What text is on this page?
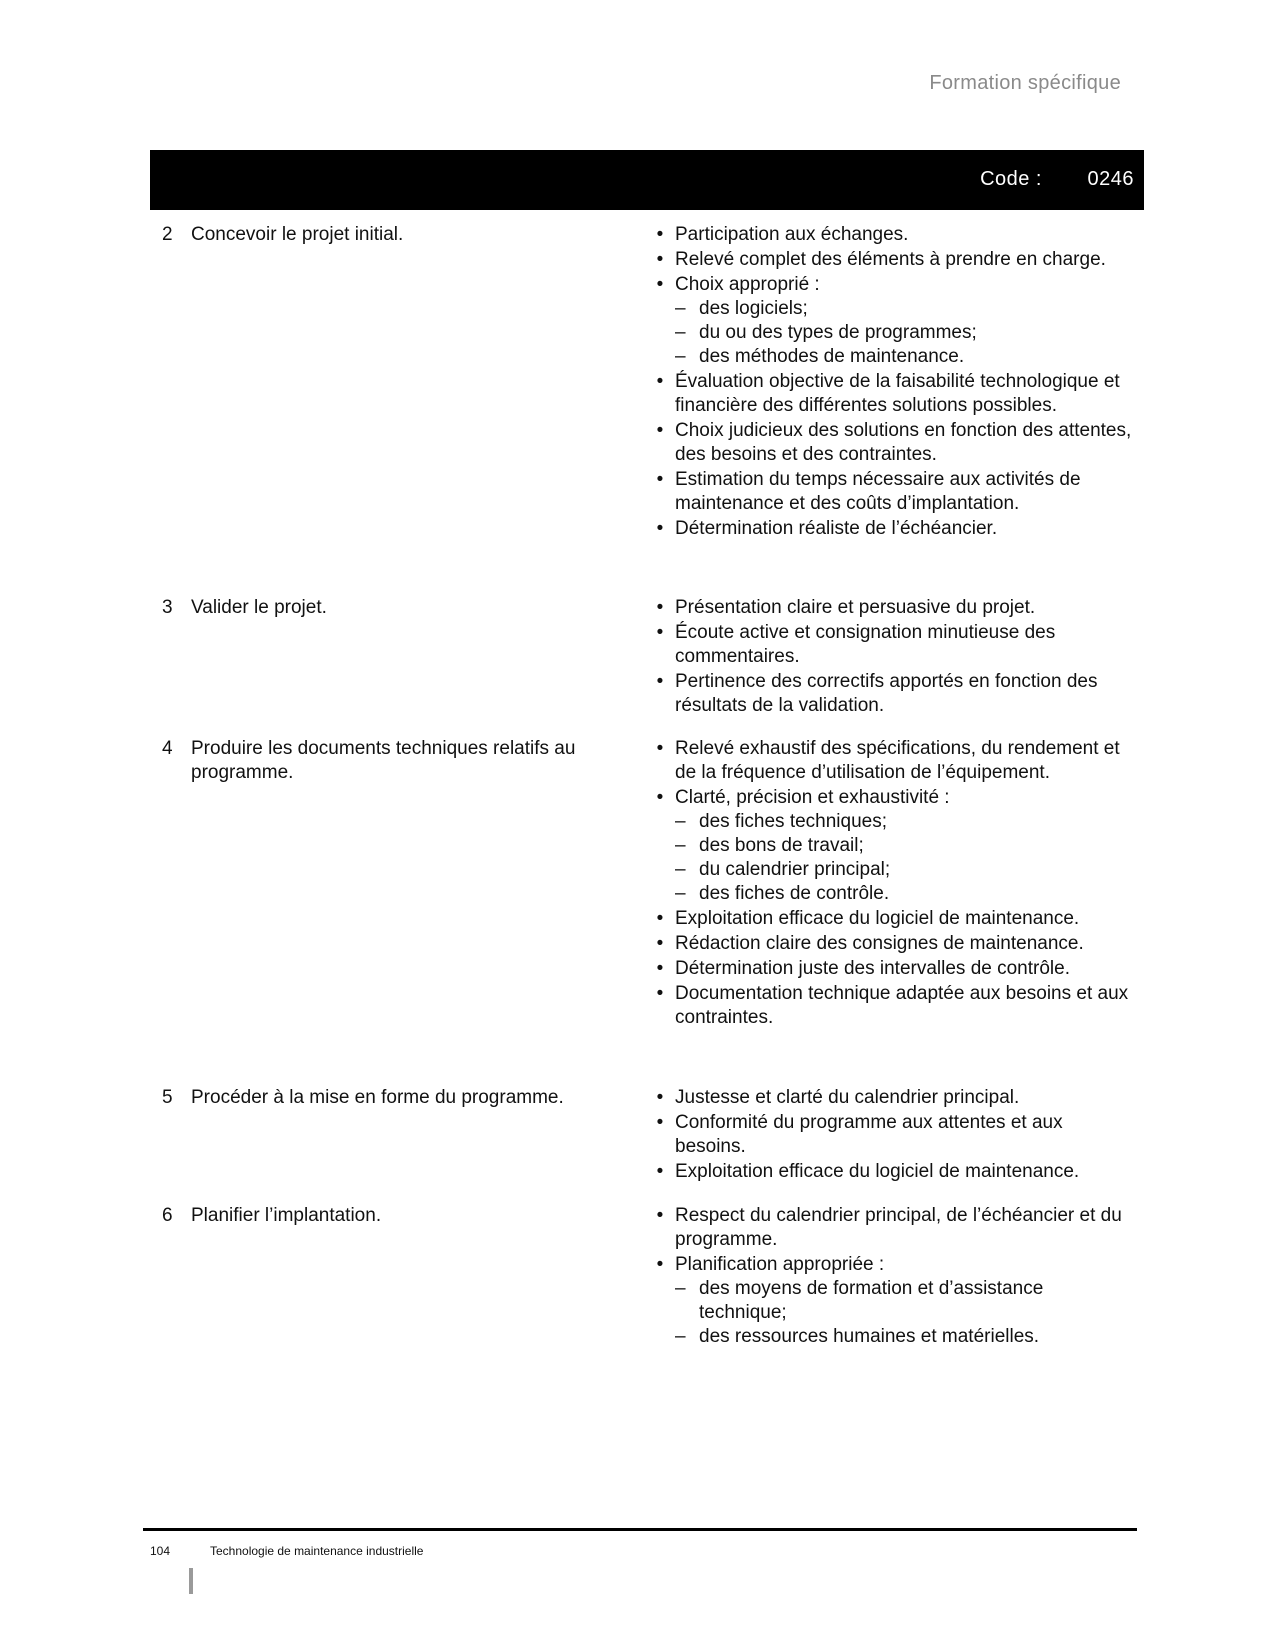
Formation spécifique
Code : 0246
2 Concevoir le projet initial.	• Participation aux échanges.
• Relevé complet des éléments à prendre en charge.
• Choix approprié :
– des logiciels;
– du ou des types de programmes;
– des méthodes de maintenance.
• Évaluation objective de la faisabilité technologique et financière des différentes solutions possibles.
• Choix judicieux des solutions en fonction des attentes, des besoins et des contraintes.
• Estimation du temps nécessaire aux activités de maintenance et des coûts d’implantation.
• Détermination réaliste de l’échéancier.
3 Valider le projet.	• Présentation claire et persuasive du projet.
• Écoute active et consignation minutieuse des commentaires.
• Pertinence des correctifs apportés en fonction des résultats de la validation.
4 Produire les documents techniques relatifs au programme.
• Relevé exhaustif des spécifications, du rendement et de la fréquence d’utilisation de l’équipement.
• Clarté, précision et exhaustivité :
– des fiches techniques;
– des bons de travail;
– du calendrier principal;
– des fiches de contrôle.
• Exploitation efficace du logiciel de maintenance.
• Rédaction claire des consignes de maintenance.
• Détermination juste des intervalles de contrôle.
• Documentation technique adaptée aux besoins et aux contraintes.
5 Procéder à la mise en forme du programme.	• Justesse et clarté du calendrier principal.
• Conformité du programme aux attentes et aux besoins.
• Exploitation efficace du logiciel de maintenance.
6 Planifier l’implantation.	• Respect du calendrier principal, de l’échéancier et du programme.
• Planification appropriée :
– des moyens de formation et d’assistance technique;
– des ressources humaines et matérielles.
104	Technologie de maintenance industrielle
